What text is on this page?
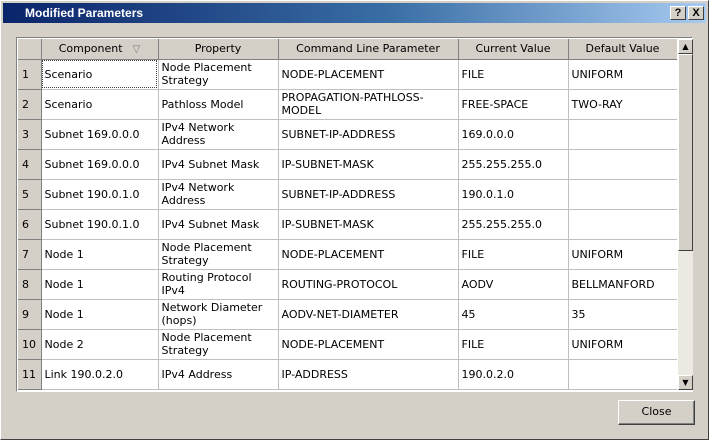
Modified Parameters	? X
	Component ▽	Property	Command Line Parameter	Current Value	Default Value
1	Scenario	Node Placement Strategy	NODE-PLACEMENT	FILE	UNIFORM
2	Scenario	Pathloss Model	PROPAGATION-PATHLOSS-MODEL	FREE-SPACE	TWO-RAY
3	Subnet 169.0.0.0	IPv4 Network Address	SUBNET-IP-ADDRESS	169.0.0.0	
4	Subnet 169.0.0.0	IPv4 Subnet Mask	IP-SUBNET-MASK	255.255.255.0	
5	Subnet 190.0.1.0	IPv4 Network Address	SUBNET-IP-ADDRESS	190.0.1.0	
6	Subnet 190.0.1.0	IPv4 Subnet Mask	IP-SUBNET-MASK	255.255.255.0	
7	Node 1	Node Placement Strategy	NODE-PLACEMENT	FILE	UNIFORM
8	Node 1	Routing Protocol IPv4	ROUTING-PROTOCOL	AODV	BELLMANFORD
9	Node 1	Network Diameter (hops)	AODV-NET-DIAMETER	45	35
10	Node 2	Node Placement Strategy	NODE-PLACEMENT	FILE	UNIFORM
11	Link 190.0.2.0	IPv4 Address	IP-ADDRESS	190.0.2.0	

▲
▼
Close
